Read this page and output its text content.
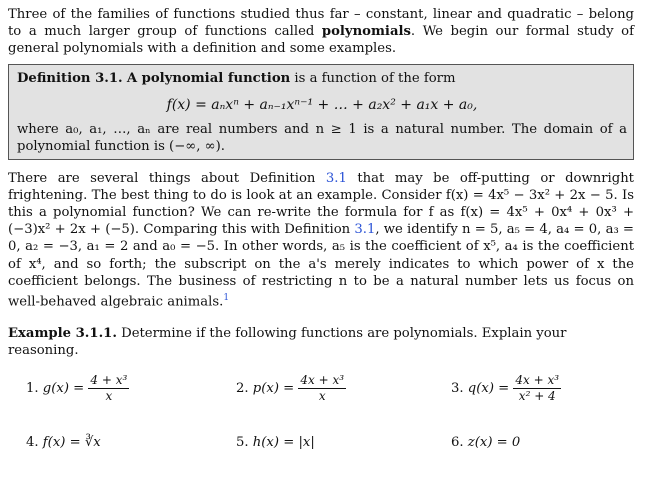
Three of the families of functions studied thus far – constant, linear and quadratic – belong to a much larger group of functions called polynomials. We begin our formal study of general polynomials with a definition and some examples.

Definition 3.1. A polynomial function is a function of the form
f(x) = aₙxⁿ + aₙ₋₁xⁿ⁻¹ + … + a₂x² + a₁x + a₀,
where a₀, a₁, …, aₙ are real numbers and n ≥ 1 is a natural number. The domain of a polynomial function is (−∞, ∞).

There are several things about Definition 3.1 that may be off-putting or downright frightening. The best thing to do is look at an example. Consider f(x) = 4x⁵ − 3x² + 2x − 5. Is this a polynomial function? We can re-write the formula for f as f(x) = 4x⁵ + 0x⁴ + 0x³ + (−3)x² + 2x + (−5). Comparing this with Definition 3.1, we identify n = 5, a₅ = 4, a₄ = 0, a₃ = 0, a₂ = −3, a₁ = 2 and a₀ = −5. In other words, a₅ is the coefficient of x⁵, a₄ is the coefficient of x⁴, and so forth; the subscript on the a's merely indicates to which power of x the coefficient belongs. The business of restricting n to be a natural number lets us focus on well-behaved algebraic animals.$^1$

Example 3.1.1. Determine if the following functions are polynomials. Explain your reasoning.
1. $g(x) = \frac{\text{4 + x³}}{x}$	2. $p(x) = \frac{\text{4x + x³}}{x}$	3. $q(x) = \frac{\text{4x + x³}}{\text{x² + 4}}$
4. f(x) = ∛x	5. h(x) = |x|	6. z(x) = 0
